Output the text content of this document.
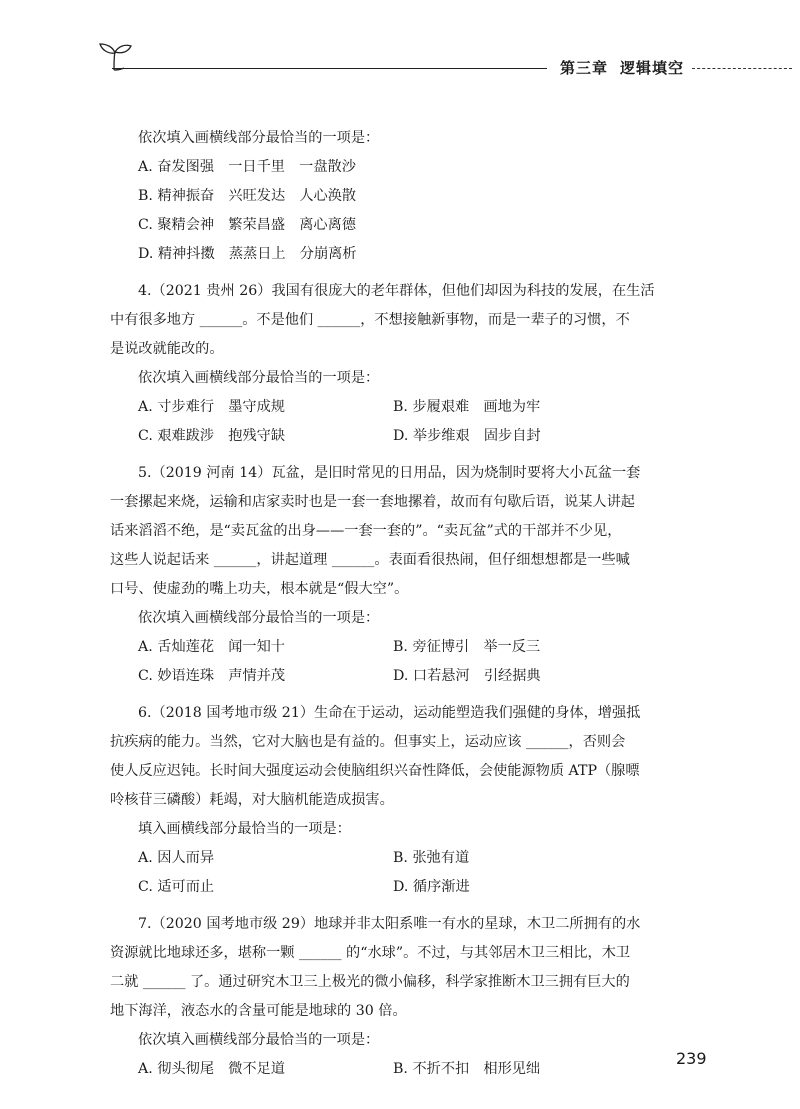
第三章 逻辑填空
依次填入画横线部分最恰当的一项是：
A. 奋发图强　一日千里　一盘散沙
B. 精神振奋　兴旺发达　人心涣散
C. 聚精会神　繁荣昌盛　离心离德
D. 精神抖擞　蒸蒸日上　分崩离析
4.（2021 贵州 26）我国有很庞大的老年群体，但他们却因为科技的发展，在生活
中有很多地方 ______。不是他们 ______，不想接触新事物，而是一辈子的习惯，不
是说改就能改的。
依次填入画横线部分最恰当的一项是：
A. 寸步难行　墨守成规	B. 步履艰难　画地为牢
C. 艰难跋涉　抱残守缺	D. 举步维艰　固步自封
5.（2019 河南 14）瓦盆，是旧时常见的日用品，因为烧制时要将大小瓦盆一套
一套摞起来烧，运输和店家卖时也是一套一套地摞着，故而有句歇后语，说某人讲起
话来滔滔不绝，是“卖瓦盆的出身——一套一套的”。“卖瓦盆”式的干部并不少见，
这些人说起话来 ______，讲起道理 ______。表面看很热闹，但仔细想想都是一些喊
口号、使虚劲的嘴上功夫，根本就是“假大空”。
依次填入画横线部分最恰当的一项是：
A. 舌灿莲花　闻一知十	B. 旁征博引　举一反三
C. 妙语连珠　声情并茂	D. 口若悬河　引经据典
6.（2018 国考地市级 21）生命在于运动，运动能塑造我们强健的身体，增强抵
抗疾病的能力。当然，它对大脑也是有益的。但事实上，运动应该 ______，否则会
使人反应迟钝。长时间大强度运动会使脑组织兴奋性降低，会使能源物质 ATP（腺嘌
呤核苷三磷酸）耗竭，对大脑机能造成损害。
填入画横线部分最恰当的一项是：
A. 因人而异	B. 张弛有道
C. 适可而止	D. 循序渐进
7.（2020 国考地市级 29）地球并非太阳系唯一有水的星球，木卫二所拥有的水
资源就比地球还多，堪称一颗 ______ 的“水球”。不过，与其邻居木卫三相比，木卫
二就 ______ 了。通过研究木卫三上极光的微小偏移，科学家推断木卫三拥有巨大的
地下海洋，液态水的含量可能是地球的 30 倍。
依次填入画横线部分最恰当的一项是：
A. 彻头彻尾　微不足道	B. 不折不扣　相形见绌
239
